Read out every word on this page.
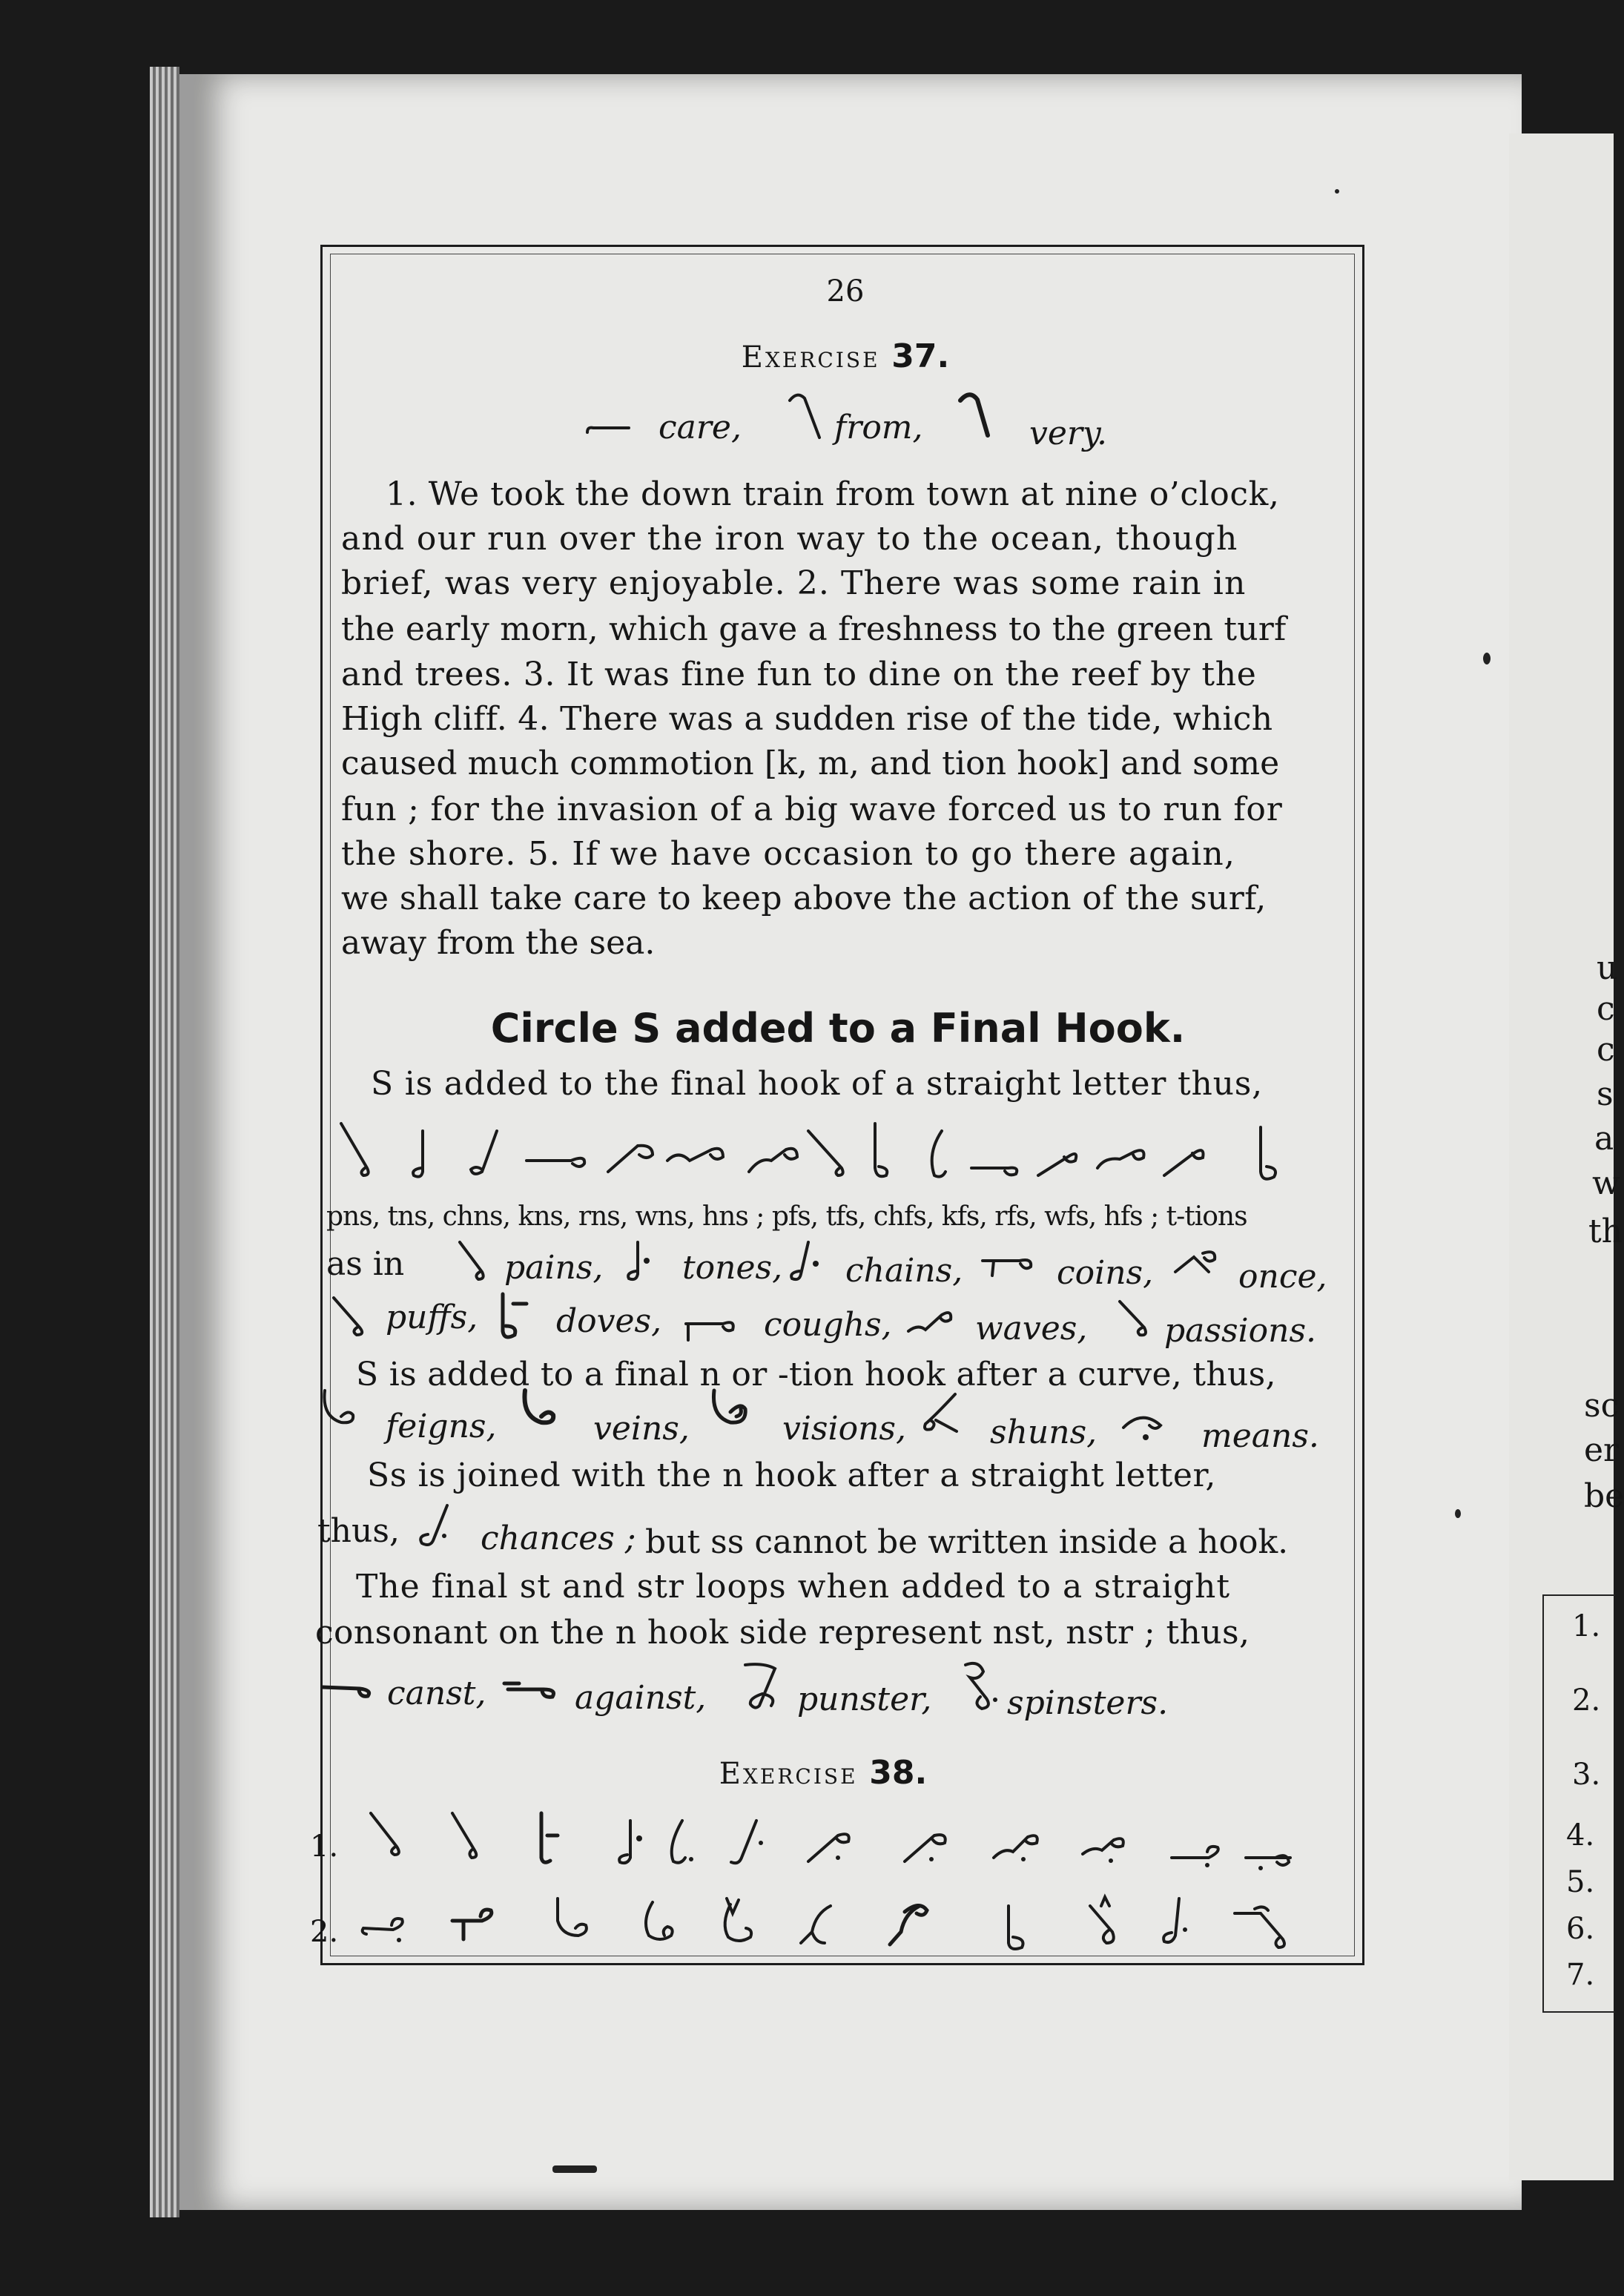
26
Exercise 37.
care,	from,	very.
1. We took the down train from town at nine o’clock,
and our run over the iron way to the ocean, though
brief, was very enjoyable. 2. There was some rain in
the early morn, which gave a freshness to the green turf
and trees. 3. It was fine fun to dine on the reef by the
High cliff. 4. There was a sudden rise of the tide, which
caused much commotion [k, m, and tion hook] and some
fun ; for the invasion of a big wave forced us to run for
the shore. 5. If we have occasion to go there again,
we shall take care to keep above the action of the surf,
away from the sea.
Circle S added to a Final Hook.
S is added to the final hook of a straight letter thus,
pns, tns, chns, kns, rns, wns, hns ; pfs, tfs, chfs, kfs, rfs, wfs, hfs ; t-tions
as in	pains, tones, chains,	coins,	once,
puffs, doves,	coughs,	waves, passions.
S is added to a final n or -tion hook after a curve, thus,
feigns,	veins,	visions,	shuns,	means.
Ss is joined with the n hook after a straight letter,
thus, chances ; but ss cannot be written inside a hook.
The final st and str loops when added to a straight
consonant on the n hook side represent nst, nstr ; thus,
canst,	against,	punster, spinsters.
Exercise 38.
1.
2.
u
c
c
s
a
w
th
sc
er
be
1.
2.
3.
4.
5.
6.
7.
